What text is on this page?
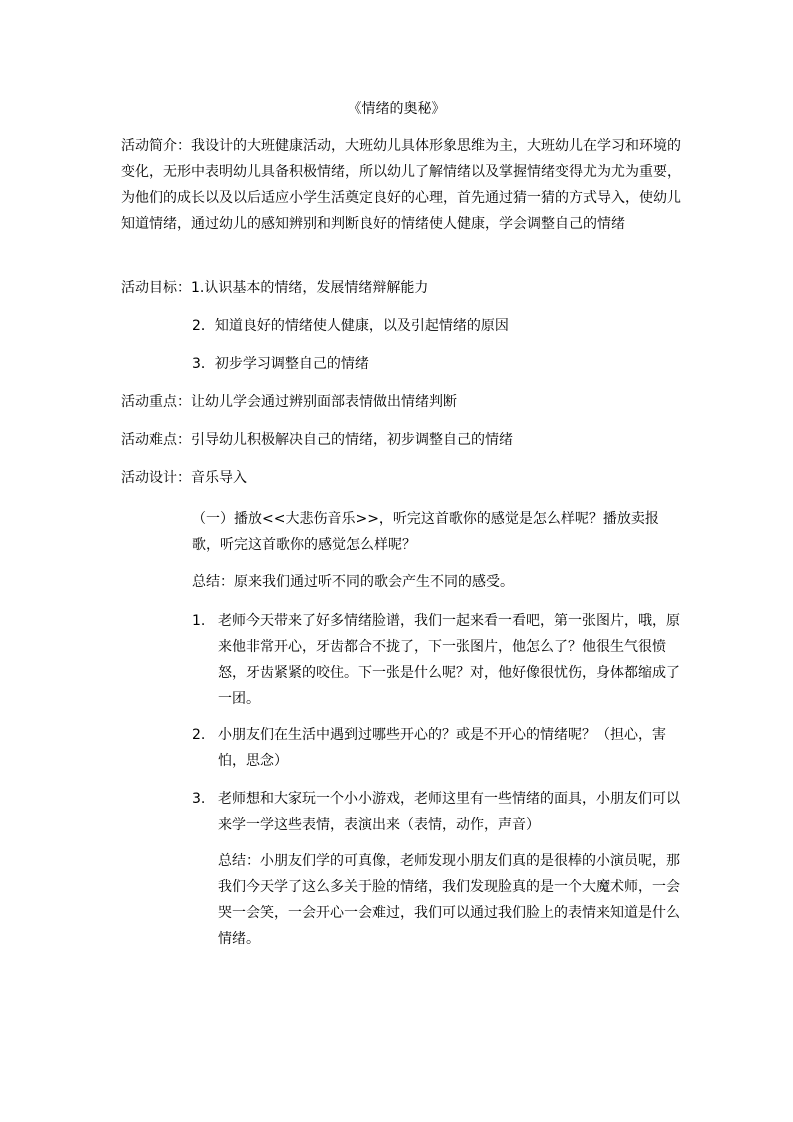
《情绪的奥秘》
活动简介：我设计的大班健康活动，大班幼儿具体形象思维为主，大班幼儿在学习和环境的变化，无形中表明幼儿具备积极情绪，所以幼儿了解情绪以及掌握情绪变得尤为尤为重要，为他们的成长以及以后适应小学生活奠定良好的心理，首先通过猜一猜的方式导入，使幼儿知道情绪，通过幼儿的感知辨别和判断良好的情绪使人健康，学会调整自己的情绪
活动目标：1.认识基本的情绪，发展情绪辩解能力
2．知道良好的情绪使人健康，以及引起情绪的原因
3．初步学习调整自己的情绪
活动重点：让幼儿学会通过辨别面部表情做出情绪判断
活动难点：引导幼儿积极解决自己的情绪，初步调整自己的情绪
活动设计：音乐导入
（一）播放<<大悲伤音乐>>，听完这首歌你的感觉是怎么样呢？播放卖报歌，听完这首歌你的感觉怎么样呢？
总结：原来我们通过听不同的歌会产生不同的感受。
1. 老师今天带来了好多情绪脸谱，我们一起来看一看吧，第一张图片，哦，原来他非常开心，牙齿都合不拢了，下一张图片，他怎么了？他很生气很愤怒，牙齿紧紧的咬住。下一张是什么呢？对，他好像很忧伤，身体都缩成了一团。
2. 小朋友们在生活中遇到过哪些开心的？或是不开心的情绪呢？（担心，害怕，思念）
3. 老师想和大家玩一个小小游戏，老师这里有一些情绪的面具，小朋友们可以来学一学这些表情，表演出来（表情，动作，声音）
总结：小朋友们学的可真像，老师发现小朋友们真的是很棒的小演员呢，那我们今天学了这么多关于脸的情绪，我们发现脸真的是一个大魔术师，一会哭一会笑，一会开心一会难过，我们可以通过我们脸上的表情来知道是什么情绪。
